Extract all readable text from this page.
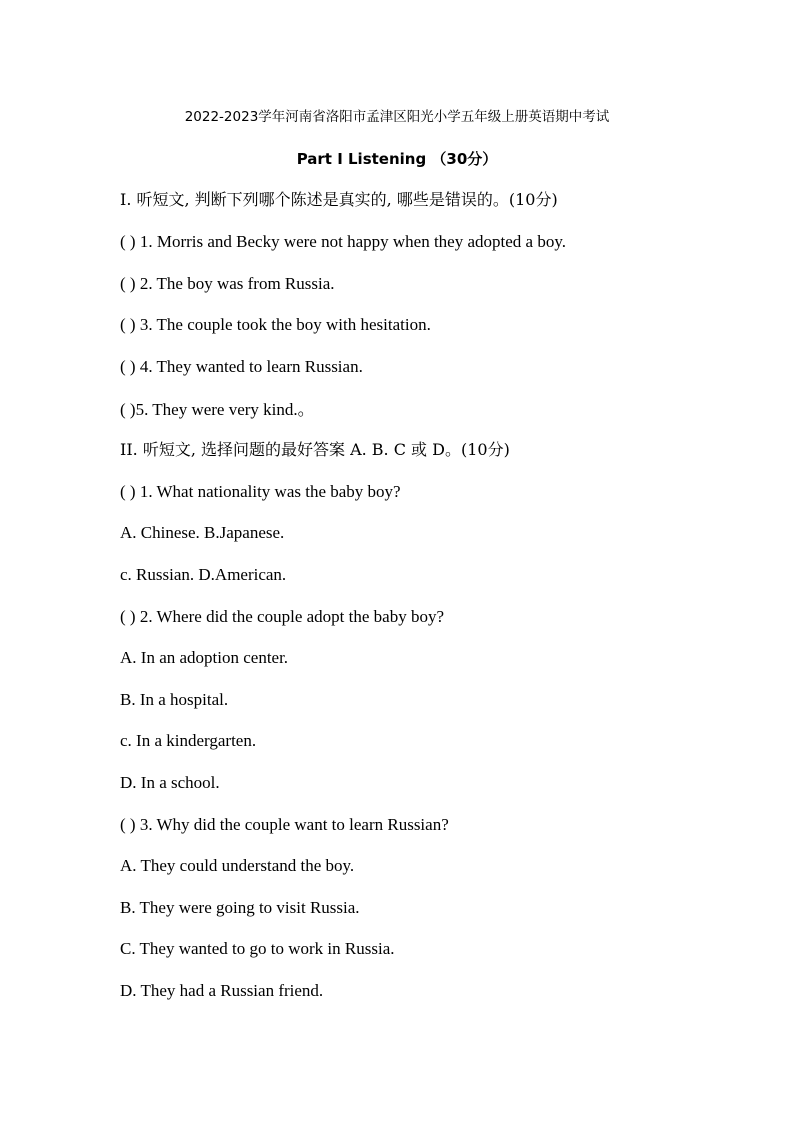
2022-2023学年河南省洛阳市孟津区阳光小学五年级上册英语期中考试
Part I Listening （30分）
I. 听短文, 判断下列哪个陈述是真实的, 哪些是错误的。(10分)
( ) 1. Morris and Becky were not happy when they adopted a boy.
( ) 2. The boy was from Russia.
( ) 3. The couple took the boy with hesitation.
( ) 4. They wanted to learn Russian.
( )5. They were very kind.。
II. 听短文, 选择问题的最好答案 A. B. C 或 D。(10分)
( ) 1. What nationality was the baby boy?
A. Chinese. B.Japanese.
c. Russian. D.American.
( ) 2. Where did the couple adopt the baby boy?
A. In an adoption center.
B. In a hospital.
c. In a kindergarten.
D. In a school.
( ) 3. Why did the couple want to learn Russian?
A. They could understand the boy.
B. They were going to visit Russia.
C. They wanted to go to work in Russia.
D. They had a Russian friend.
